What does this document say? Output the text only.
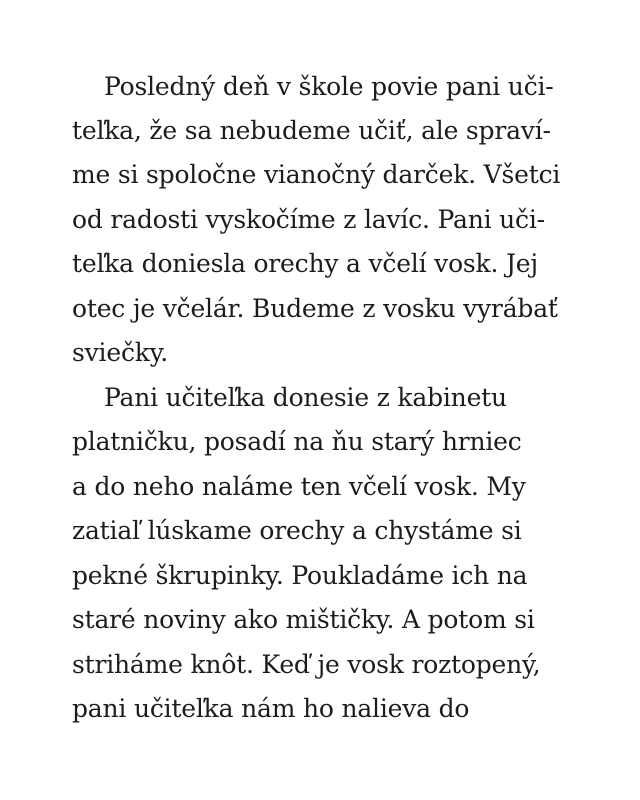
Posledný deň v škole povie pani uči-
teľka, že sa nebudeme učiť, ale spraví-
me si spoločne vianočný darček. Všetci
od radosti vyskočíme z lavíc. Pani uči-
teľka doniesla orechy a včelí vosk. Jej
otec je včelár. Budeme z vosku vyrábať
sviečky.
Pani učiteľka donesie z kabinetu
platničku, posadí na ňu starý hrniec
a do neho naláme ten včelí vosk. My
zatiaľ lúskame orechy a chystáme si
pekné škrupinky. Poukladáme ich na
staré noviny ako mištičky. A potom si
striháme knôt. Keď je vosk roztopený,
pani učiteľka nám ho nalieva do
